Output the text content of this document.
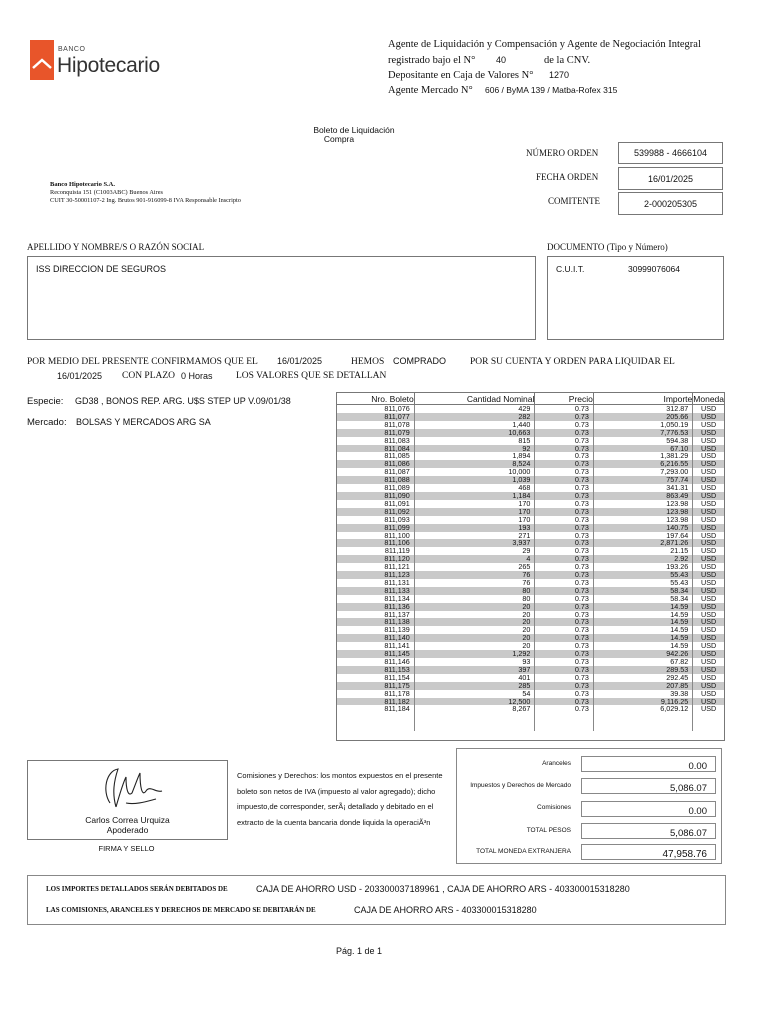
BANCO
Hipotecario
Agente de Liquidación y Compensación y Agente de Negociación Integral
registrado bajo el N° 40	de la CNV.
Depositante en Caja de Valores N° 1270
Agente Mercado N° 606 / ByMA 139 / Matba-Rofex 315
Boleto de Liquidación
Compra
Banco Hipotecario S.A.
Reconquista 151 (C1003ABC) Buenos Aires
CUIT 30-50001107-2 Ing. Brutos 901-916099-8 IVA Responsable Inscripto
NÚMERO ORDEN	539988 - 4666104
FECHA ORDEN	16/01/2025
COMITENTE	2-000205305
APELLIDO Y NOMBRE/S O RAZÓN SOCIAL
ISS DIRECCION DE SEGUROS
DOCUMENTO (Tipo y Número)
C.U.I.T.	30999076064
POR MEDIO DEL PRESENTE CONFIRMAMOS QUE EL 16/01/2025	HEMOS COMPRADO	POR SU CUENTA Y ORDEN PARA LIQUIDAR EL
16/01/2025 CON PLAZO 0 Horas LOS VALORES QUE SE DETALLAN
Especie: GD38 , BONOS REP. ARG. U$S STEP UP V.09/01/38
Mercado: BOLSAS Y MERCADOS ARG SA
Nro. Boleto	Cantidad Nominal	Precio	Importe	Moneda
811,076	429	0.73	312.87	USD
811,077	282	0.73	205.66	USD
811,078	1,440	0.73	1,050.19	USD
811,079	10,663	0.73	7,776.53	USD
811,083	815	0.73	594.38	USD
811,084	92	0.73	67.10	USD
811,085	1,894	0.73	1,381.29	USD
811,086	8,524	0.73	6,216.55	USD
811,087	10,000	0.73	7,293.00	USD
811,088	1,039	0.73	757.74	USD
811,089	468	0.73	341.31	USD
811,090	1,184	0.73	863.49	USD
811,091	170	0.73	123.98	USD
811,092	170	0.73	123.98	USD
811,093	170	0.73	123.98	USD
811,099	193	0.73	140.75	USD
811,100	271	0.73	197.64	USD
811,106	3,937	0.73	2,871.26	USD
811,119	29	0.73	21.15	USD
811,120	4	0.73	2.92	USD
811,121	265	0.73	193.26	USD
811,123	76	0.73	55.43	USD
811,131	76	0.73	55.43	USD
811,133	80	0.73	58.34	USD
811,134	80	0.73	58.34	USD
811,136	20	0.73	14.59	USD
811,137	20	0.73	14.59	USD
811,138	20	0.73	14.59	USD
811,139	20	0.73	14.59	USD
811,140	20	0.73	14.59	USD
811,141	20	0.73	14.59	USD
811,145	1,292	0.73	942.26	USD
811,146	93	0.73	67.82	USD
811,153	397	0.73	289.53	USD
811,154	401	0.73	292.45	USD
811,175	285	0.73	207.85	USD
811,178	54	0.73	39.38	USD
811,182	12,500	0.73	9,116.25	USD
811,184	8,267	0.73	6,029.12	USD

Carlos Correa Urquiza
Apoderado
FIRMA Y SELLO
Comisiones y Derechos: los montos expuestos en el presente
boleto son netos de IVA (impuesto al valor agregado); dicho
impuesto,de corresponder, serÃ¡ detallado y debitado en el
extracto de la cuenta bancaria donde liquida la operaciÃ³n
Aranceles	0.00
Impuestos y Derechos de Mercado	5,086.07
Comisiones	0.00
TOTAL PESOS	5,086.07
TOTAL MONEDA EXTRANJERA	47,958.76
LOS IMPORTES DETALLADOS SERÁN DEBITADOS DE	CAJA DE AHORRO USD - 203300037189961 , CAJA DE AHORRO ARS - 403300015318280
LAS COMISIONES, ARANCELES Y DERECHOS DE MERCADO SE DEBITARÁN DE	CAJA DE AHORRO ARS - 403300015318280
Pág. 1 de 1
